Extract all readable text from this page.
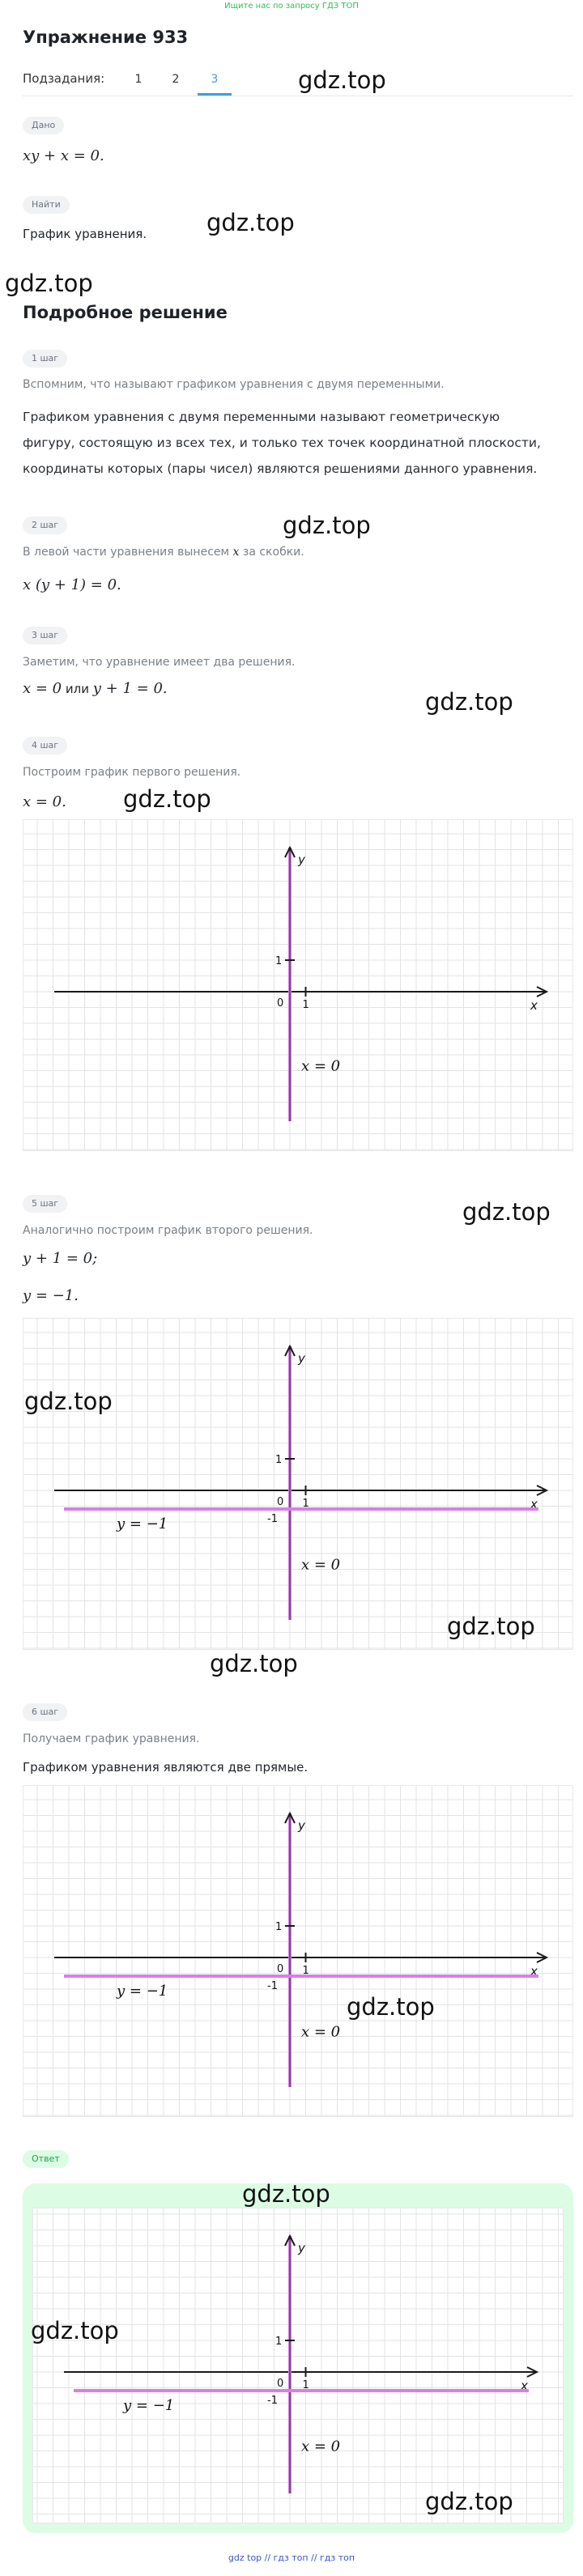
Ищите нас по запросу ГДЗ ТОП
Упражнение 933
Подзадания:	1	2	3	gdz.top
Дано
xy + x = 0.
Найти
График уравнения.	gdz.top
gdz.top
Подробное решение
1 шаг
Вспомним, что называют графиком уравнения с двумя переменными.
Графиком уравнения с двумя переменными называют геометрическую
фигуру, состоящую из всех тех, и только тех точек координатной плоскости,
координаты которых (пары чисел) являются решениями данного уравнения.
gdz.top
2 шаг
В левой части уравнения вынесем x за скобки.
x (y + 1) = 0.
3 шаг
Заметим, что уравнение имеет два решения.
x = 0 или y + 1 = 0.	gdz.top
4 шаг
Построим график первого решения.
x = 0. gdz.top
y
x
1
0 1
x = 0
5 шаг
Аналогично построим график второго решения.
y + 1 = 0;
y = −1.
gdz.top
y
x
1
0 1
x = 0
-1
y = −1
gdz.top
gdz.top
gdz.top
6 шаг
Получаем график уравнения.
Графиком уравнения являются две прямые.
y
x
1
0 1
x = 0
-1
y = −1
gdz.top
Ответ
y
x
1
0 1
x = 0
-1
y = −1
gdz.top
gdz.top
gdz.top
gdz top // гдз топ // гдз топ
